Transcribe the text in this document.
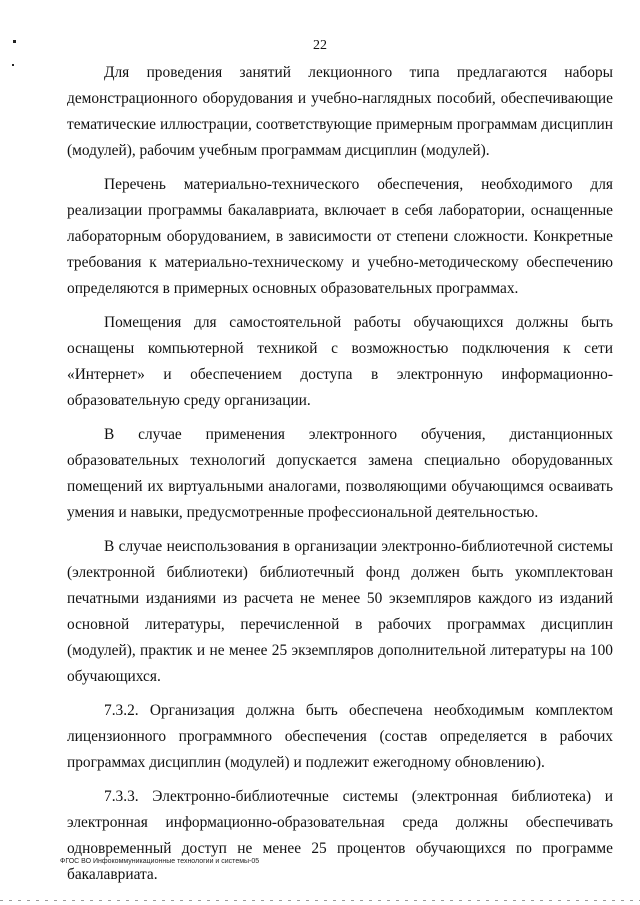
22

Для проведения занятий лекционного типа предлагаются наборы демонстрационного оборудования и учебно-наглядных пособий, обеспечивающие тематические иллюстрации, соответствующие примерным программам дисциплин (модулей), рабочим учебным программам дисциплин (модулей).

Перечень материально-технического обеспечения, необходимого для реализации программы бакалавриата, включает в себя лаборатории, оснащенные лабораторным оборудованием, в зависимости от степени сложности. Конкретные требования к материально-техническому и учебно-методическому обеспечению определяются в примерных основных образовательных программах.

Помещения для самостоятельной работы обучающихся должны быть оснащены компьютерной техникой с возможностью подключения к сети «Интернет» и обеспечением доступа в электронную информационно-образовательную среду организации.

В случае применения электронного обучения, дистанционных образовательных технологий допускается замена специально оборудованных помещений их виртуальными аналогами, позволяющими обучающимся осваивать умения и навыки, предусмотренные профессиональной деятельностью.

В случае неиспользования в организации электронно-библиотечной системы (электронной библиотеки) библиотечный фонд должен быть укомплектован печатными изданиями из расчета не менее 50 экземпляров каждого из изданий основной литературы, перечисленной в рабочих программах дисциплин (модулей), практик и не менее 25 экземпляров дополнительной литературы на 100 обучающихся.

7.3.2. Организация должна быть обеспечена необходимым комплектом лицензионного программного обеспечения (состав определяется в рабочих программах дисциплин (модулей) и подлежит ежегодному обновлению).

7.3.3. Электронно-библиотечные системы (электронная библиотека) и электронная информационно-образовательная среда должны обеспечивать одновременный доступ не менее 25 процентов обучающихся по программе бакалавриата.

ФГОС ВО Инфокоммуникационные технологии и системы-05
